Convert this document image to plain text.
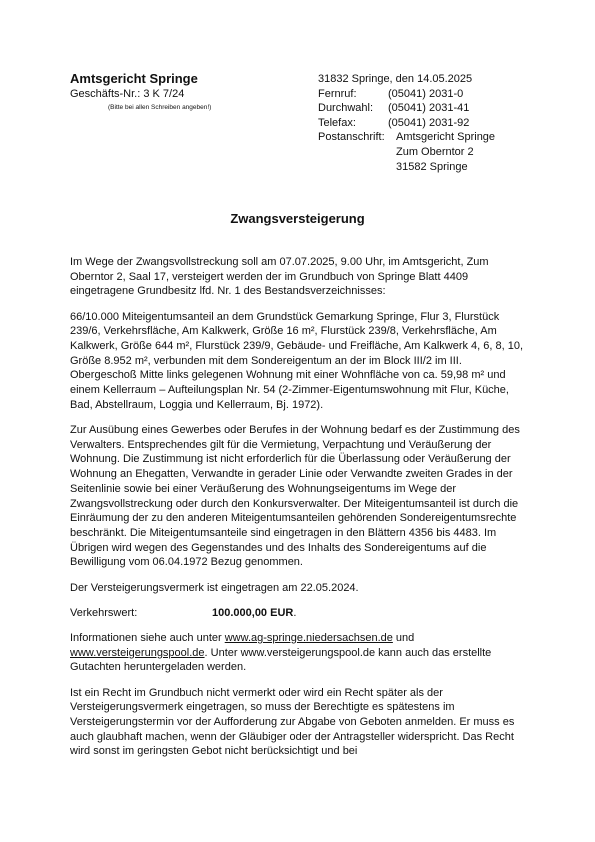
Amtsgericht Springe
Geschäfts-Nr.: 3 K 7/24
(Bitte bei allen Schreiben angeben!)
31832 Springe, den 14.05.2025
Fernruf:	(05041) 2031-0
Durchwahl: (05041) 2031-41
Telefax:	(05041) 2031-92
Postanschrift: Amtsgericht Springe
Zum Oberntor 2
31582 Springe
Zwangsversteigerung

Im Wege der Zwangsvollstreckung soll am 07.07.2025, 9.00 Uhr, im Amtsgericht, Zum Oberntor 2, Saal 17, versteigert werden der im Grundbuch von Springe Blatt 4409 eingetragene Grundbesitz lfd. Nr. 1 des Bestandsverzeichnisses:

66/10.000 Miteigentumsanteil an dem Grundstück Gemarkung Springe, Flur 3, Flurstück 239/6, Verkehrsfläche, Am Kalkwerk, Größe 16 m², Flurstück 239/8, Verkehrsfläche, Am Kalkwerk, Größe 644 m², Flurstück 239/9, Gebäude- und Freifläche, Am Kalkwerk 4, 6, 8, 10, Größe 8.952 m², verbunden mit dem Sondereigentum an der im Block III/2 im III. Obergeschoß Mitte links gelegenen Wohnung mit einer Wohnfläche von ca. 59,98 m² und einem Kellerraum – Aufteilungsplan Nr. 54 (2-Zimmer-Eigentumswohnung mit Flur, Küche, Bad, Abstellraum, Loggia und Kellerraum, Bj. 1972).

Zur Ausübung eines Gewerbes oder Berufes in der Wohnung bedarf es der Zustimmung des Verwalters. Entsprechendes gilt für die Vermietung, Verpachtung und Veräußerung der Wohnung. Die Zustimmung ist nicht erforderlich für die Überlassung oder Veräußerung der Wohnung an Ehegatten, Verwandte in gerader Linie oder Verwandte zweiten Grades in der Seitenlinie sowie bei einer Veräußerung des Wohnungseigentums im Wege der Zwangsvollstreckung oder durch den Konkursverwalter. Der Miteigentumsanteil ist durch die Einräumung der zu den anderen Miteigentumsanteilen gehörenden Sondereigentumsrechte beschränkt. Die Miteigentumsanteile sind eingetragen in den Blättern 4356 bis 4483. Im Übrigen wird wegen des Gegenstandes und des Inhalts des Sondereigentums auf die Bewilligung vom 06.04.1972 Bezug genommen.

Der Versteigerungsvermerk ist eingetragen am 22.05.2024.

Verkehrswert:	100.000,00 EUR.

Informationen siehe auch unter www.ag-springe.niedersachsen.de und www.versteigerungspool.de. Unter www.versteigerungspool.de kann auch das erstellte Gutachten heruntergeladen werden.

Ist ein Recht im Grundbuch nicht vermerkt oder wird ein Recht später als der Versteigerungsvermerk eingetragen, so muss der Berechtigte es spätestens im Versteigerungstermin vor der Aufforderung zur Abgabe von Geboten anmelden. Er muss es auch glaubhaft machen, wenn der Gläubiger oder der Antragsteller widerspricht. Das Recht wird sonst im geringsten Gebot nicht berücksichtigt und bei
